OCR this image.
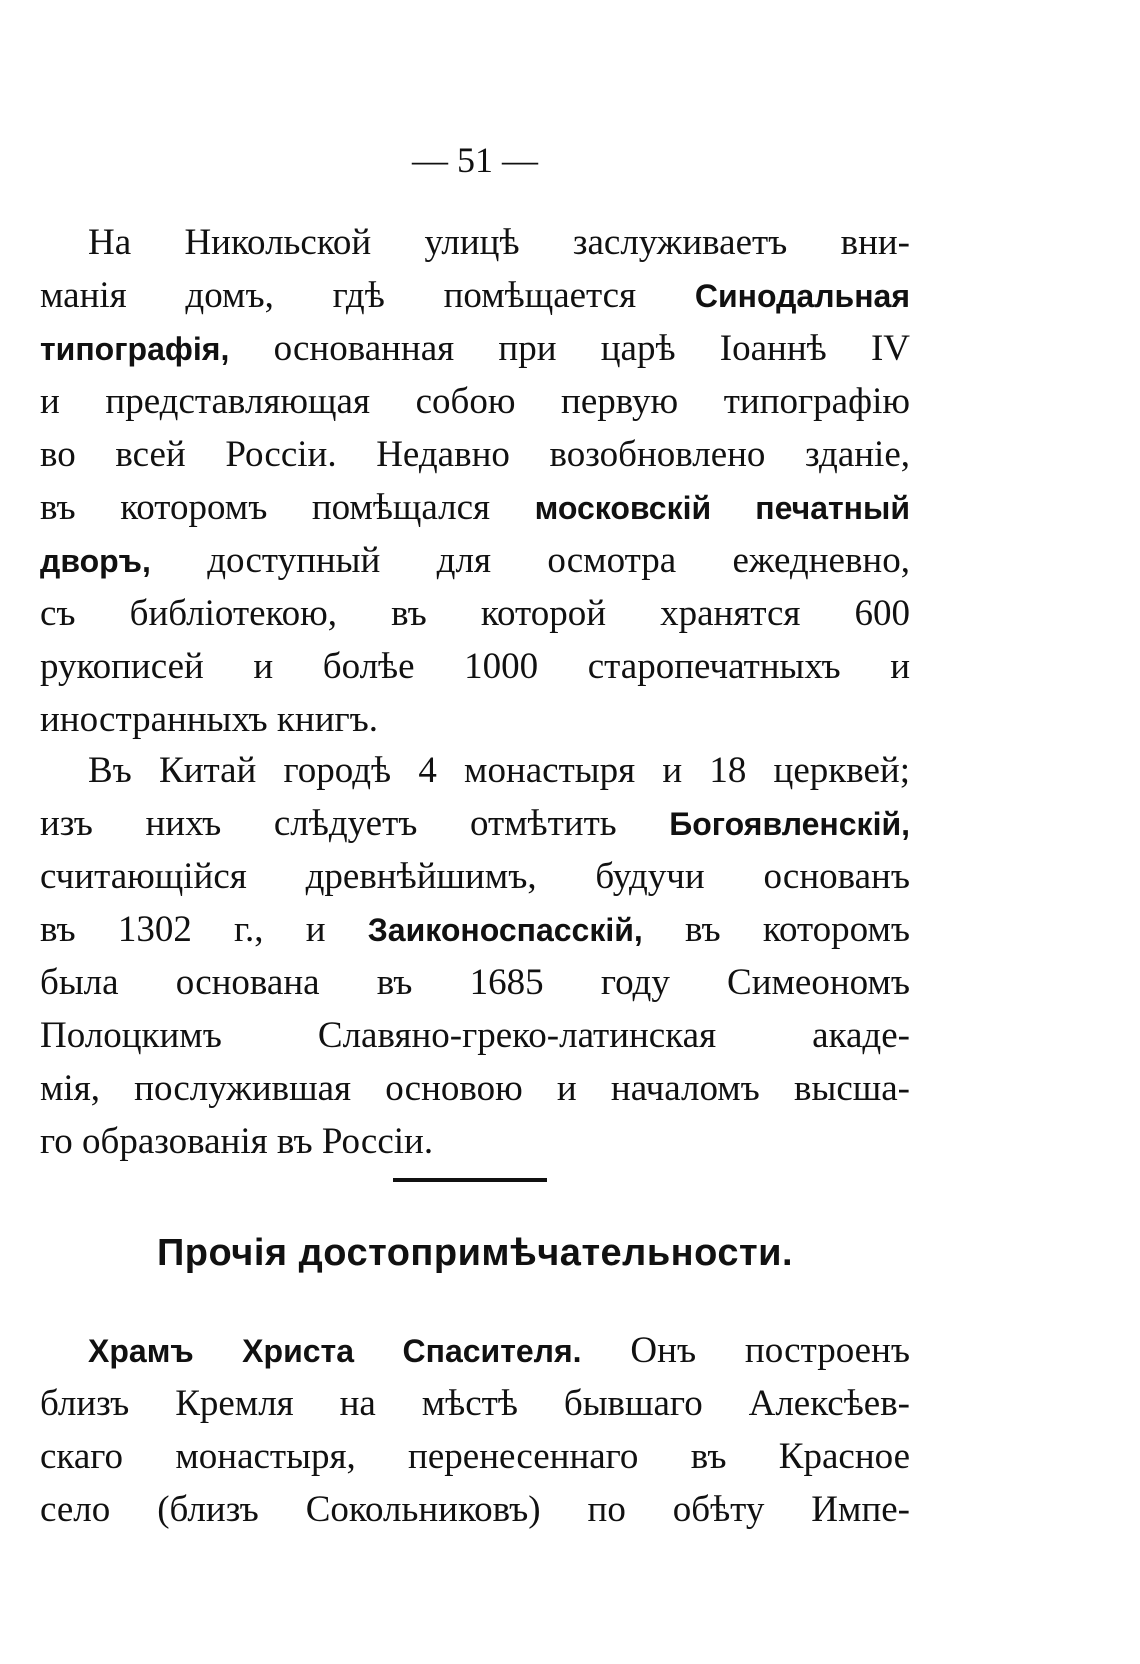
— 51 —
На Никольской улицѣ заслуживаетъ вни-
манія домъ, гдѣ помѣщается Синодальная
типографія, основанная при царѣ Іоаннѣ IV
и представляющая собою первую типографію
во всей Россіи. Недавно возобновлено зданіе,
въ которомъ помѣщался московскій печатный
дворъ, доступный для осмотра ежедневно,
съ библіотекою, въ которой хранятся 600
рукописей и болѣе 1000 старопечатныхъ и
иностранныхъ книгъ.
Въ Китай городѣ 4 монастыря и 18 церквей;
изъ нихъ слѣдуетъ отмѣтить Богоявленскій,
считающійся древнѣйшимъ, будучи основанъ
въ 1302 г., и Заиконоспасскій, въ которомъ
была основана въ 1685 году Симеономъ
Полоцкимъ Славяно-греко-латинская акаде-
мія, послужившая основою и началомъ высша-
го образованія въ Россіи.
Прочія достопримѣчательности.
Храмъ Христа Спасителя. Онъ построенъ
близъ Кремля на мѣстѣ бывшаго Алексѣев-
скаго монастыря, перенесеннаго въ Красное
село (близъ Сокольниковъ) по обѣту Импе-
